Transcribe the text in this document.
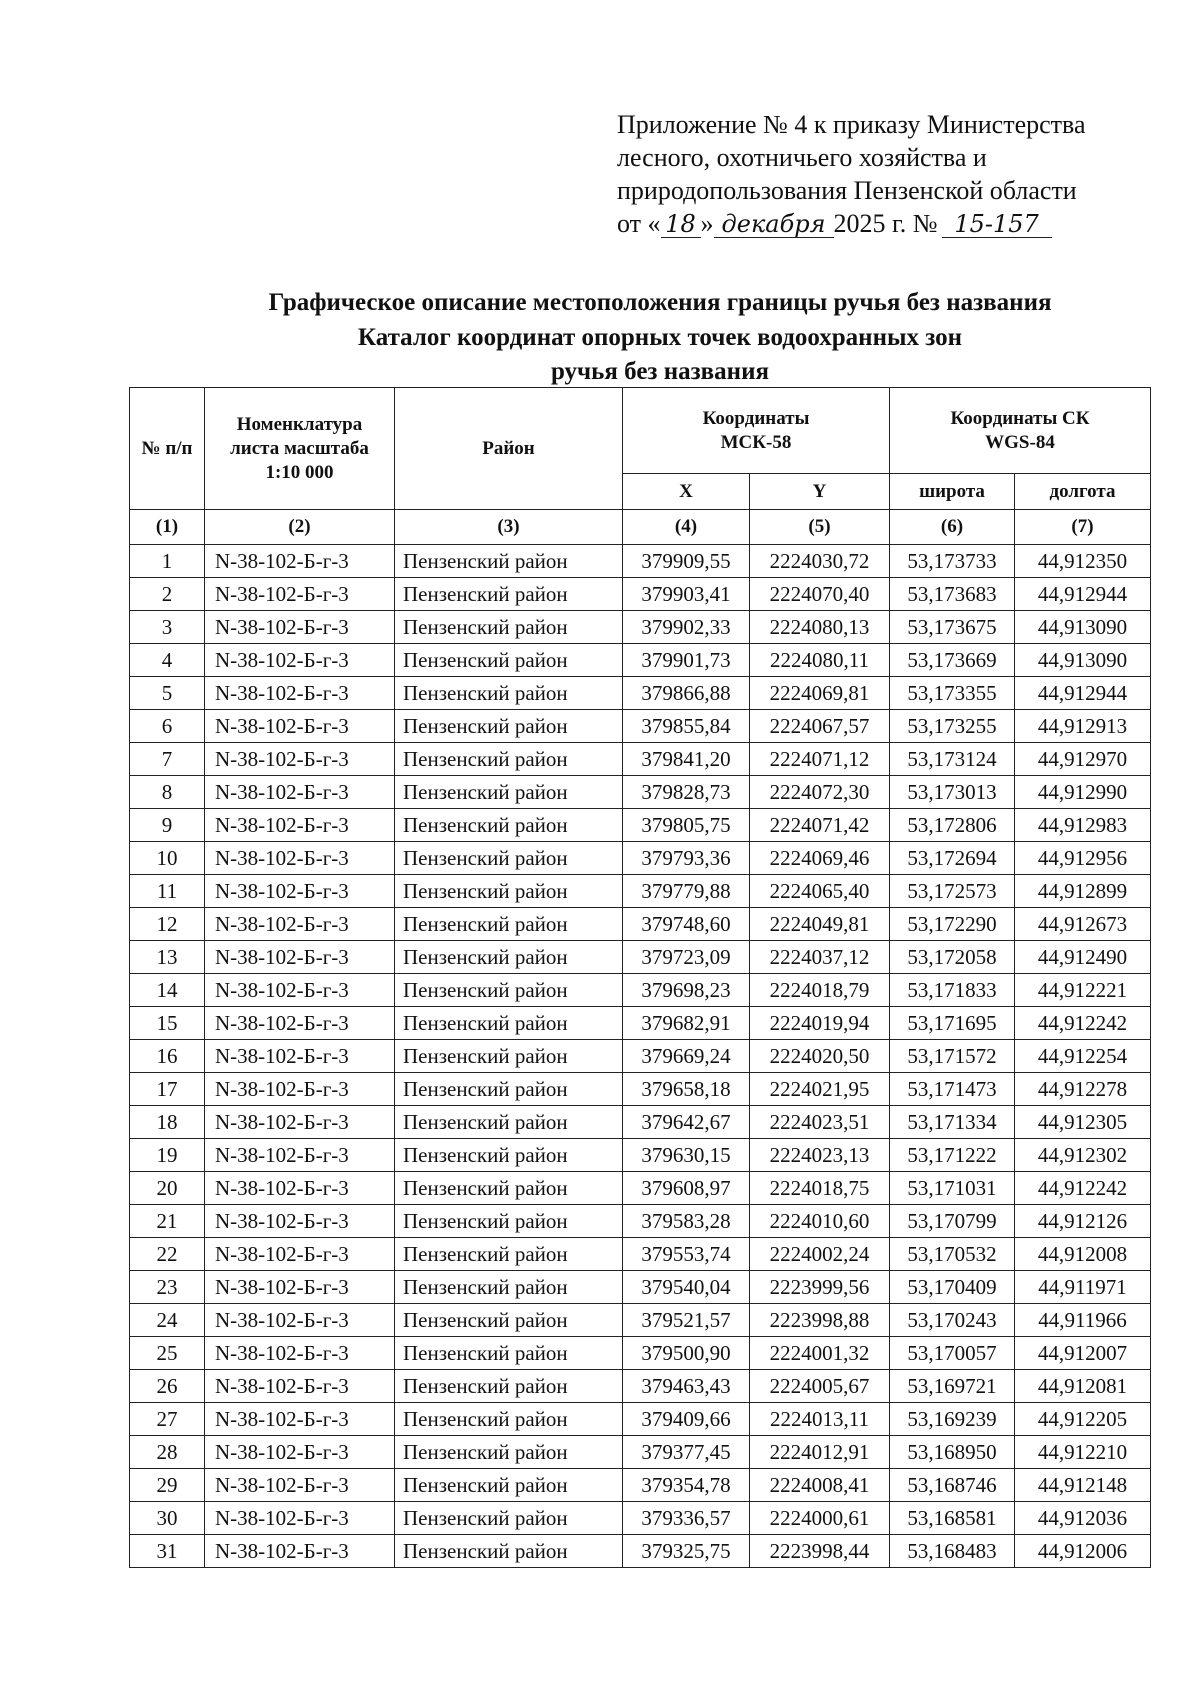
Приложение № 4 к приказу Министерства
лесного, охотничьего хозяйства и
природопользования Пензенской области
от « 18 » декабря 2025 г. № 15-157
Графическое описание местоположения границы ручья без названия
Каталог координат опорных точек водоохранных зон
ручья без названия
№ п/п	Номенклатура листа масштаба 1:10 000	Район	Координаты МСК-58		Координаты СК WGS-84	
			X	Y	широта	долгота
(1)	(2)	(3)	(4)	(5)	(6)	(7)
1	N-38-102-Б-г-3	Пензенский район	379909,55	2224030,72	53,173733	44,912350
2	N-38-102-Б-г-3	Пензенский район	379903,41	2224070,40	53,173683	44,912944
3	N-38-102-Б-г-3	Пензенский район	379902,33	2224080,13	53,173675	44,913090
4	N-38-102-Б-г-3	Пензенский район	379901,73	2224080,11	53,173669	44,913090
5	N-38-102-Б-г-3	Пензенский район	379866,88	2224069,81	53,173355	44,912944
6	N-38-102-Б-г-3	Пензенский район	379855,84	2224067,57	53,173255	44,912913
7	N-38-102-Б-г-3	Пензенский район	379841,20	2224071,12	53,173124	44,912970
8	N-38-102-Б-г-3	Пензенский район	379828,73	2224072,30	53,173013	44,912990
9	N-38-102-Б-г-3	Пензенский район	379805,75	2224071,42	53,172806	44,912983
10	N-38-102-Б-г-3	Пензенский район	379793,36	2224069,46	53,172694	44,912956
11	N-38-102-Б-г-3	Пензенский район	379779,88	2224065,40	53,172573	44,912899
12	N-38-102-Б-г-3	Пензенский район	379748,60	2224049,81	53,172290	44,912673
13	N-38-102-Б-г-3	Пензенский район	379723,09	2224037,12	53,172058	44,912490
14	N-38-102-Б-г-3	Пензенский район	379698,23	2224018,79	53,171833	44,912221
15	N-38-102-Б-г-3	Пензенский район	379682,91	2224019,94	53,171695	44,912242
16	N-38-102-Б-г-3	Пензенский район	379669,24	2224020,50	53,171572	44,912254
17	N-38-102-Б-г-3	Пензенский район	379658,18	2224021,95	53,171473	44,912278
18	N-38-102-Б-г-3	Пензенский район	379642,67	2224023,51	53,171334	44,912305
19	N-38-102-Б-г-3	Пензенский район	379630,15	2224023,13	53,171222	44,912302
20	N-38-102-Б-г-3	Пензенский район	379608,97	2224018,75	53,171031	44,912242
21	N-38-102-Б-г-3	Пензенский район	379583,28	2224010,60	53,170799	44,912126
22	N-38-102-Б-г-3	Пензенский район	379553,74	2224002,24	53,170532	44,912008
23	N-38-102-Б-г-3	Пензенский район	379540,04	2223999,56	53,170409	44,911971
24	N-38-102-Б-г-3	Пензенский район	379521,57	2223998,88	53,170243	44,911966
25	N-38-102-Б-г-3	Пензенский район	379500,90	2224001,32	53,170057	44,912007
26	N-38-102-Б-г-3	Пензенский район	379463,43	2224005,67	53,169721	44,912081
27	N-38-102-Б-г-3	Пензенский район	379409,66	2224013,11	53,169239	44,912205
28	N-38-102-Б-г-3	Пензенский район	379377,45	2224012,91	53,168950	44,912210
29	N-38-102-Б-г-3	Пензенский район	379354,78	2224008,41	53,168746	44,912148
30	N-38-102-Б-г-3	Пензенский район	379336,57	2224000,61	53,168581	44,912036
31	N-38-102-Б-г-3	Пензенский район	379325,75	2223998,44	53,168483	44,912006
